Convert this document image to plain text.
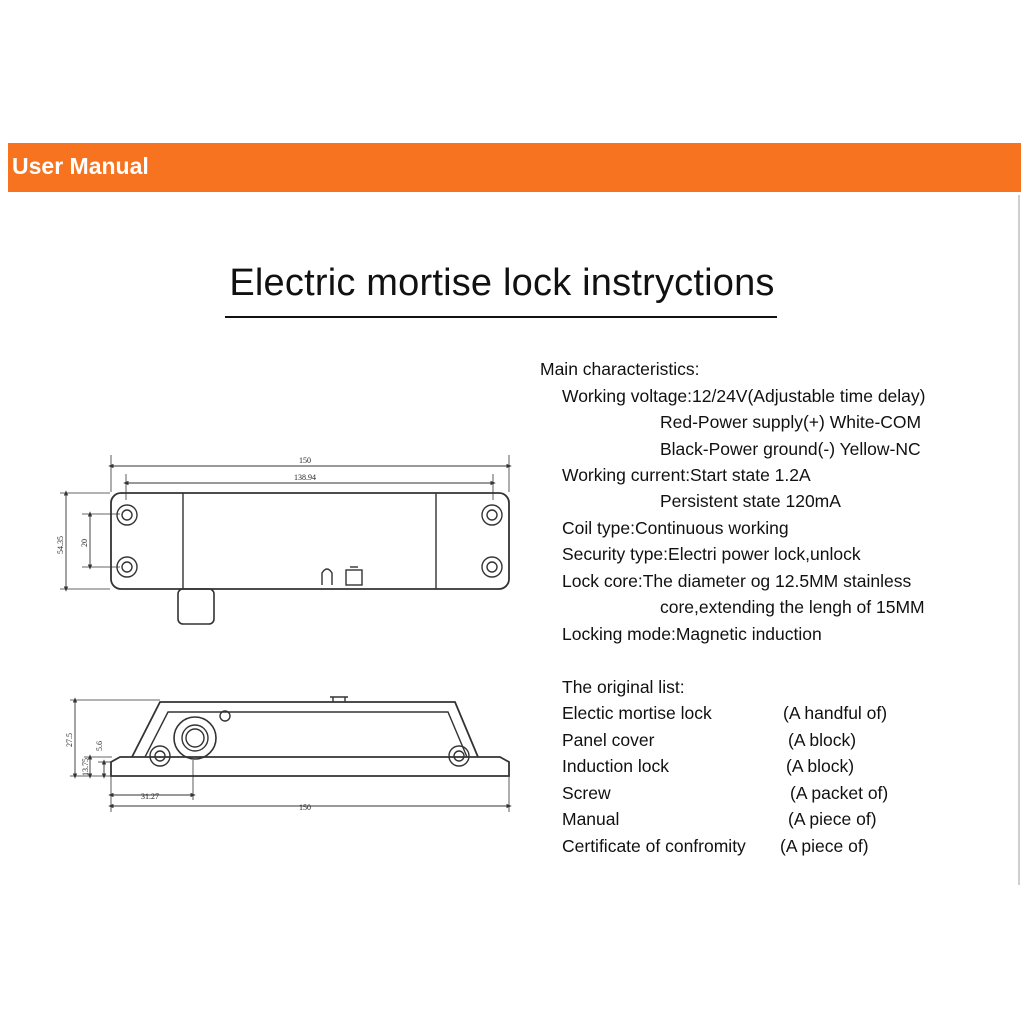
User Manual
Electric mortise lock instryctions
Main characteristics:
Working voltage:12/24V(Adjustable time delay)
Red-Power supply(+) White-COM
Black-Power ground(-) Yellow-NC
Working current:Start state 1.2A
Persistent state 120mA
Coil type:Continuous working
Security type:Electri power lock,unlock
Lock core:The diameter og 12.5MM stainless
core,extending the lengh of 15MM
Locking mode:Magnetic induction
The original list:
Electic mortise lock	(A handful of)
Panel cover	(A block)
Induction lock	(A block)
Screw	(A packet of)
Manual	(A piece of)
Certificate of confromity (A piece of)
150
138.94
54.35 20
27.5
13.75
5.6
31.27
150
